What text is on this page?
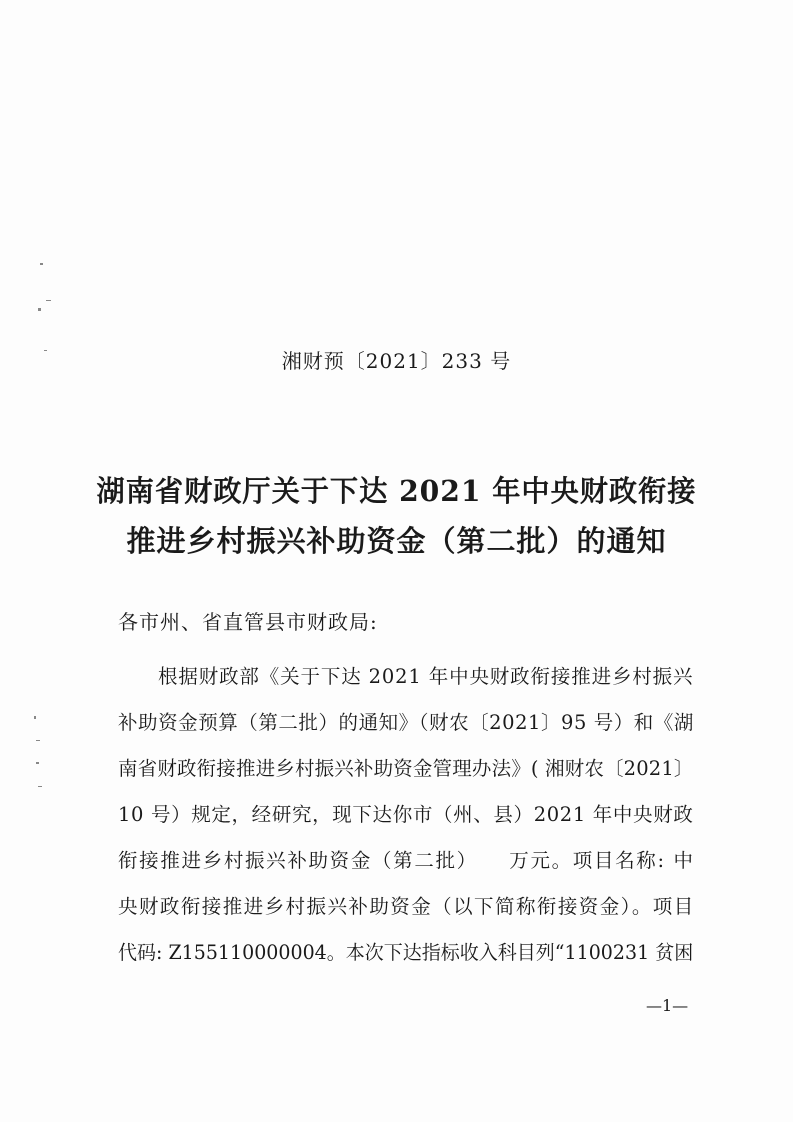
湘财预〔2021〕233 号
湖南省财政厅关于下达 2021 年中央财政衔接
推进乡村振兴补助资金（第二批）的通知
各市州、省直管县市财政局:
根据财政部《关于下达 2021 年中央财政衔接推进乡村振兴
补助资金预算（第二批）的通知》（财农〔2021〕95 号）和《湖
南省财政衔接推进乡村振兴补助资金管理办法》( 湘财农〔2021〕
10 号）规定，经研究，现下达你市（州、县）2021 年中央财政
衔接推进乡村振兴补助资金（第二批）    万元。项目名称: 中
央财政衔接推进乡村振兴补助资金（以下简称衔接资金）。项目
代码: Z155110000004。本次下达指标收入科目列“1100231 贫困
—1—
